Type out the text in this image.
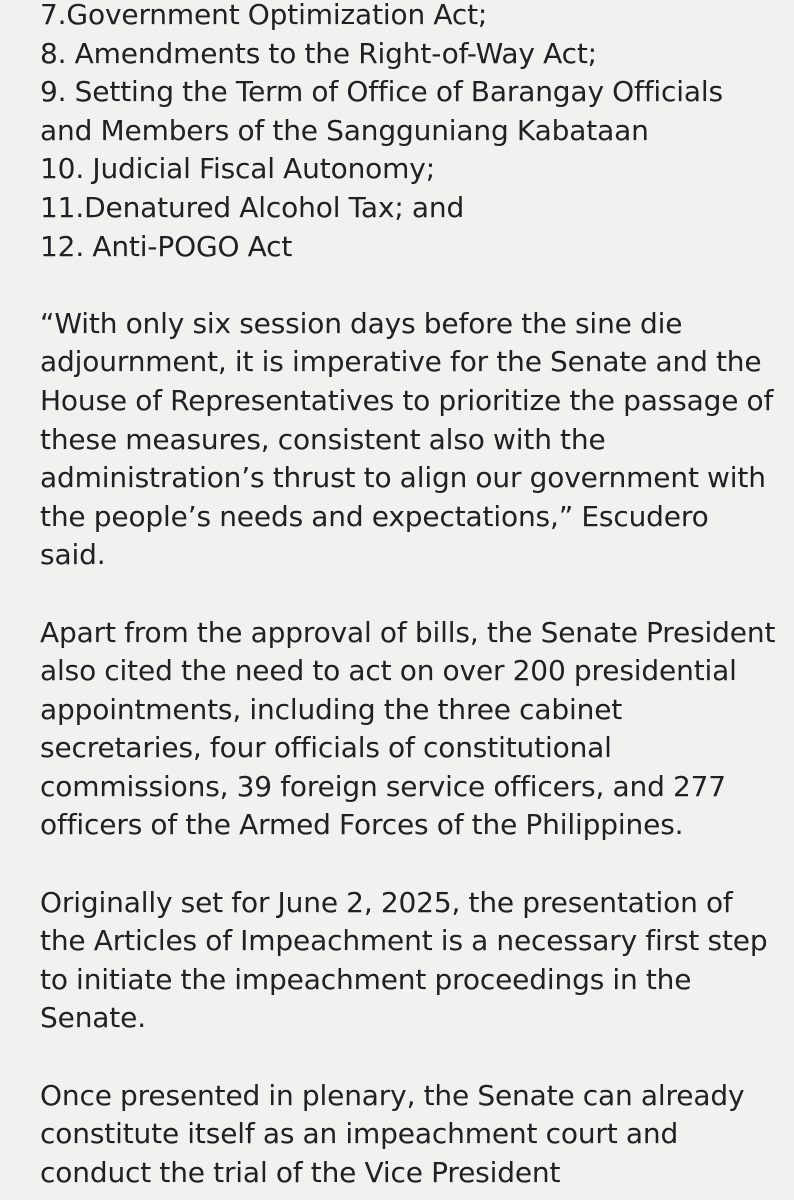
7.Government Optimization Act;
8. Amendments to the Right-of-Way Act;
9. Setting the Term of Office of Barangay Officials
and Members of the Sangguniang Kabataan
10. Judicial Fiscal Autonomy;
11.Denatured Alcohol Tax; and
12. Anti-POGO Act

“With only six session days before the sine die
adjournment, it is imperative for the Senate and the
House of Representatives to prioritize the passage of
these measures, consistent also with the
administration’s thrust to align our government with
the people’s needs and expectations,” Escudero
said.

Apart from the approval of bills, the Senate President
also cited the need to act on over 200 presidential
appointments, including the three cabinet
secretaries, four officials of constitutional
commissions, 39 foreign service officers, and 277
officers of the Armed Forces of the Philippines.

Originally set for June 2, 2025, the presentation of
the Articles of Impeachment is a necessary first step
to initiate the impeachment proceedings in the
Senate.

Once presented in plenary, the Senate can already
constitute itself as an impeachment court and
conduct the trial of the Vice President
